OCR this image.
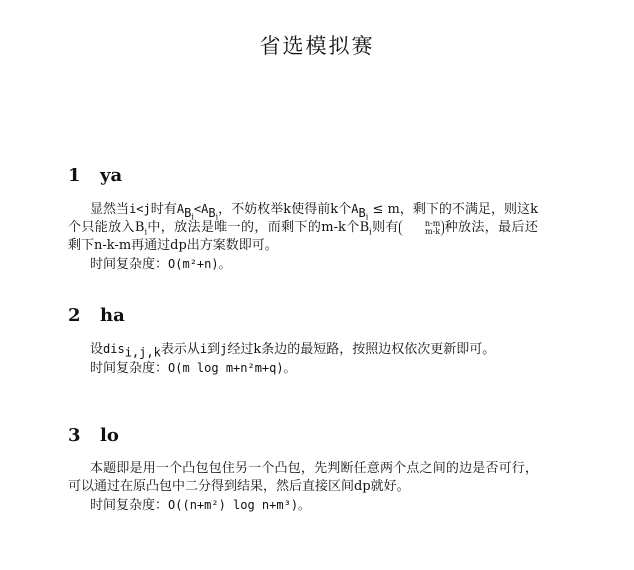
省选模拟赛
1 ya
显然当i<j时有$A_{B_i}<A_{B_i}$，不妨枚举k使得前k个$A_{B_i} \le m$，剩下的不满足，则这k个只能放入$B_i$中，放法是唯一的，而剩下的m-k个$B_i$则有	n-m
m-k 种放法，最后还剩下n-k-m再通过dp出方案数即可。
时间复杂度：O(m²+n)。
2 ha
设dis$_{i,j,k}$表示从i到j经过k条边的最短路，按照边权依次更新即可。
时间复杂度：O(m log m+n²m+q)。
3 lo
本题即是用一个凸包包住另一个凸包，先判断任意两个点之间的边是否可行，可以通过在原凸包中二分得到结果，然后直接区间dp就好。
时间复杂度：O((n+m²) log n+m³)。
